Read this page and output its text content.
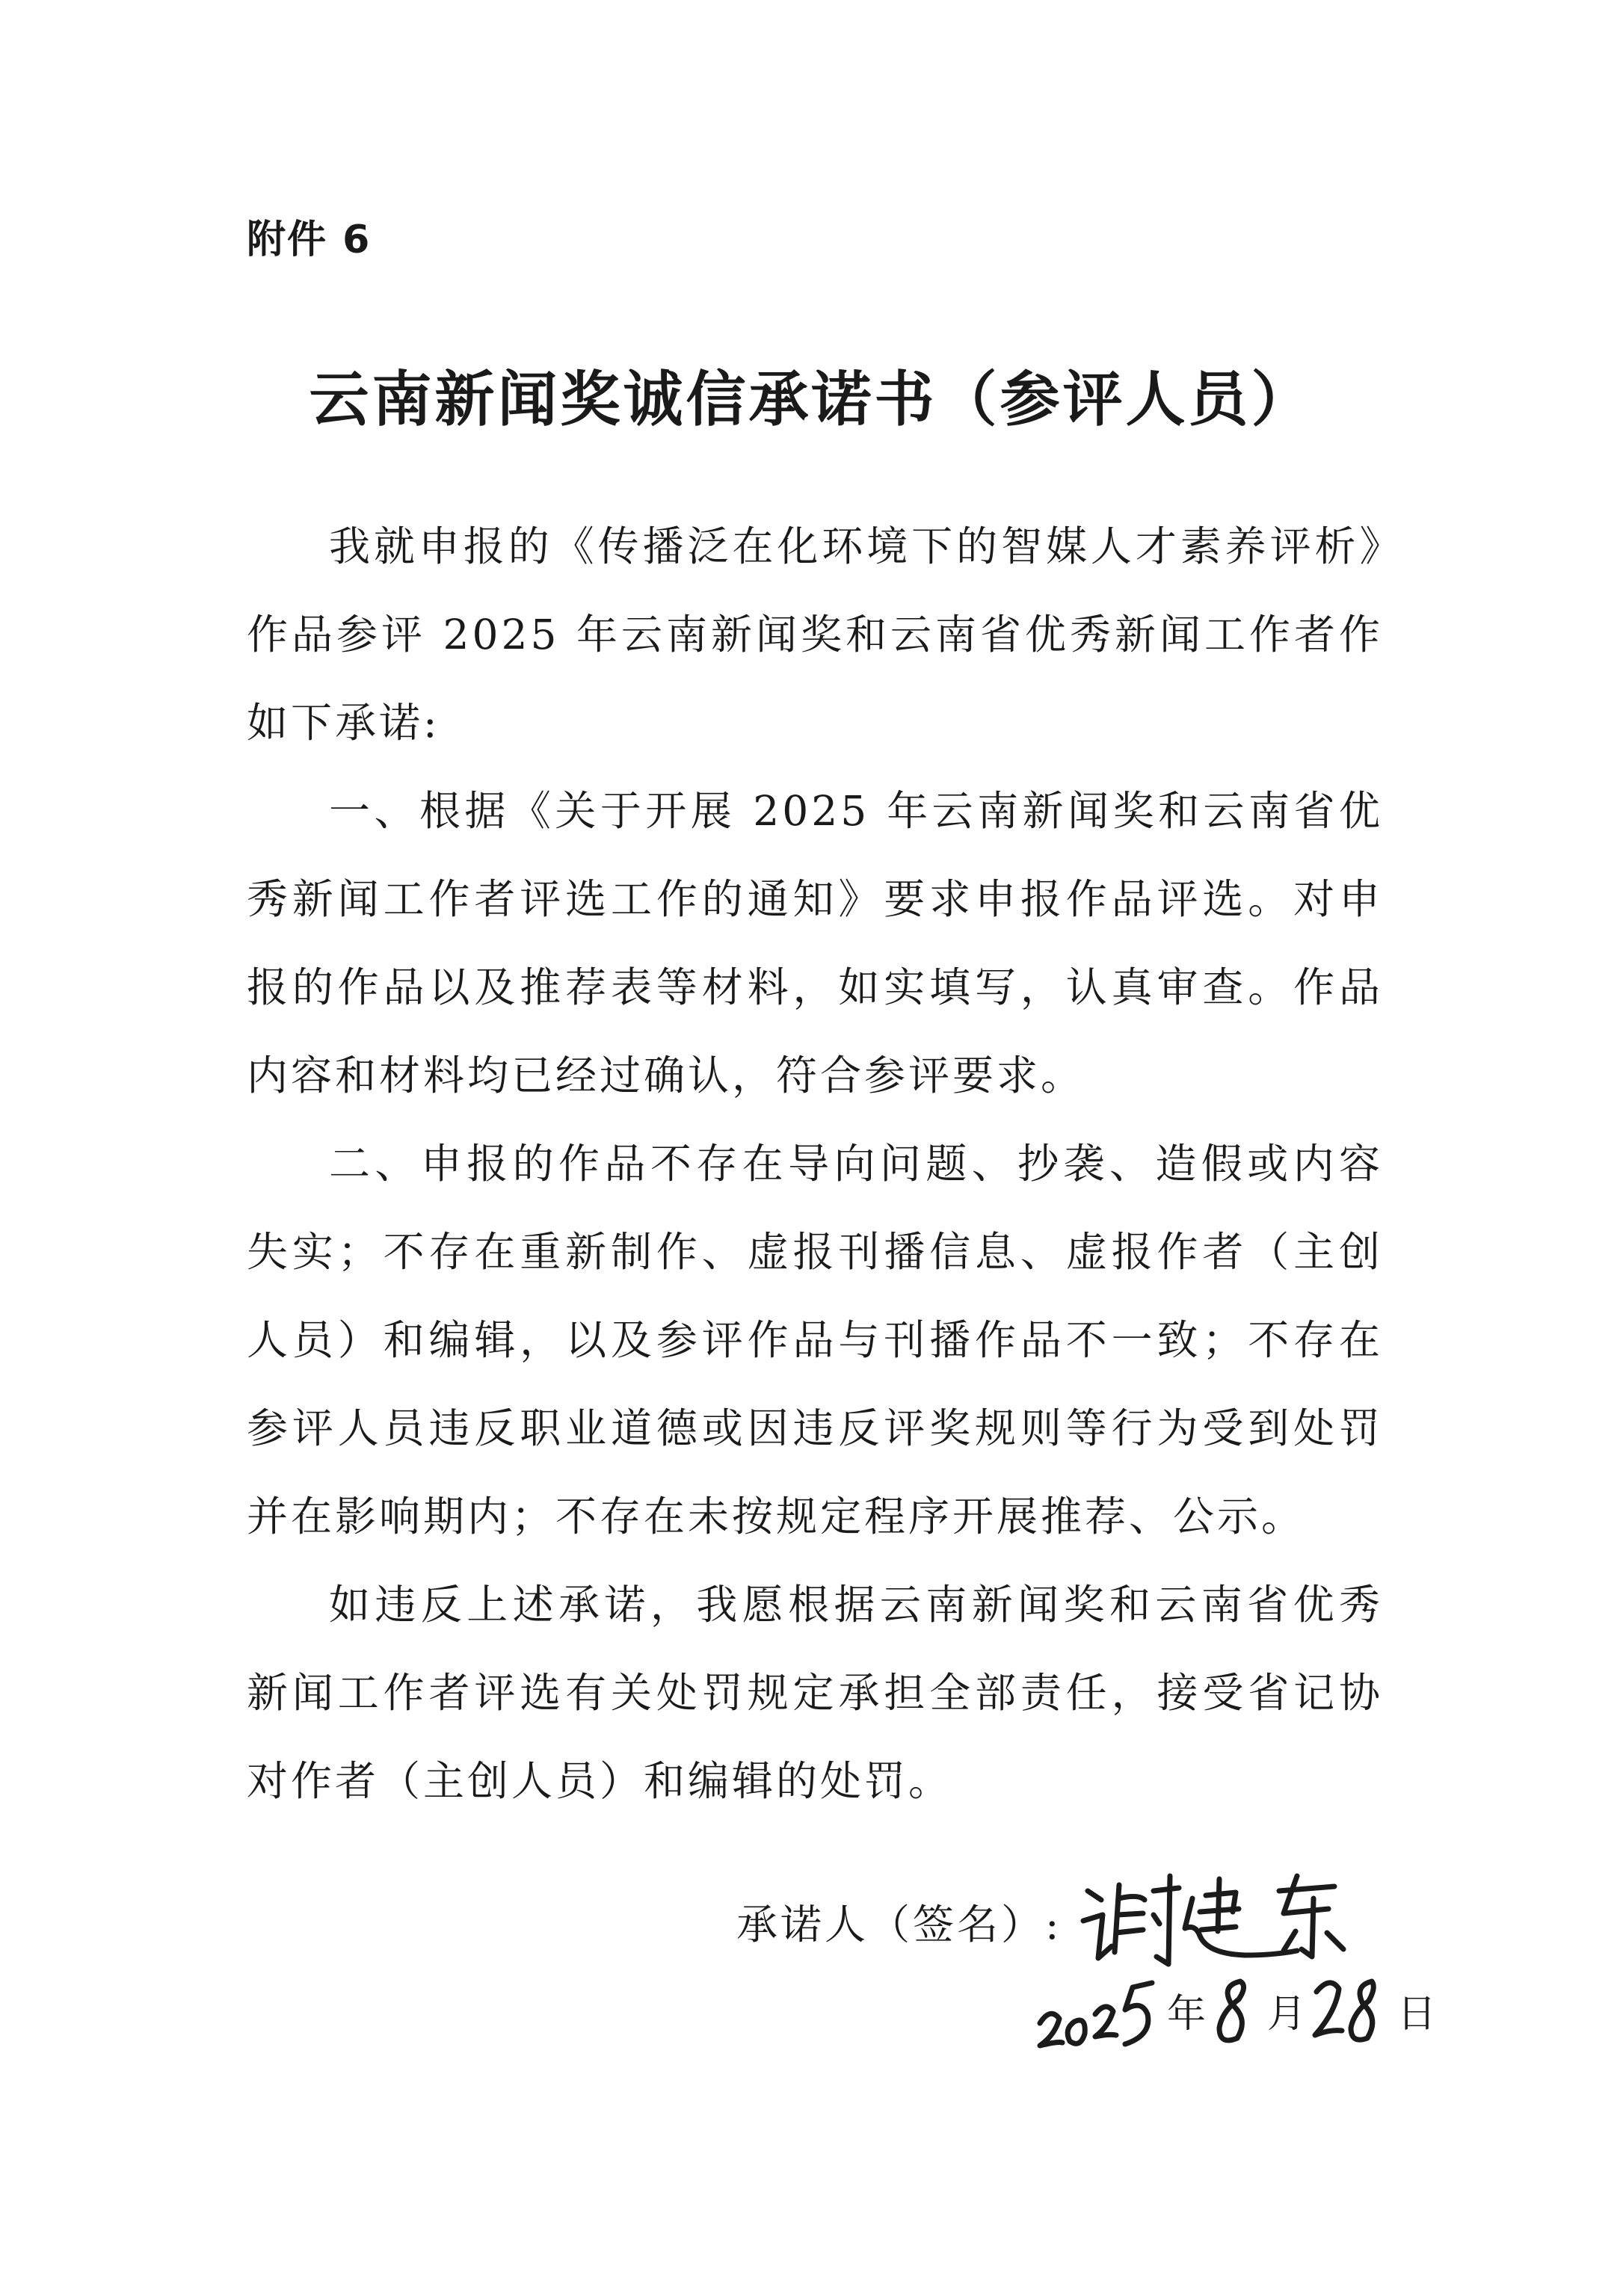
附件 6
云南新闻奖诚信承诺书（参评人员）

我就申报的《传播泛在化环境下的智媒人才素养评析》作品参评 2025 年云南新闻奖和云南省优秀新闻工作者作如下承诺:

一、根据《关于开展 2025 年云南新闻奖和云南省优秀新闻工作者评选工作的通知》要求申报作品评选。对申报的作品以及推荐表等材料，如实填写，认真审查。作品内容和材料均已经过确认，符合参评要求。

二、申报的作品不存在导向问题、抄袭、造假或内容失实；不存在重新制作、虚报刊播信息、虚报作者（主创人员）和编辑，以及参评作品与刊播作品不一致；不存在参评人员违反职业道德或因违反评奖规则等行为受到处罚并在影响期内；不存在未按规定程序开展推荐、公示。

如违反上述承诺，我愿根据云南新闻奖和云南省优秀新闻工作者评选有关处罚规定承担全部责任，接受省记协对作者（主创人员）和编辑的处罚。

承诺人（签名）:
年 月 日
